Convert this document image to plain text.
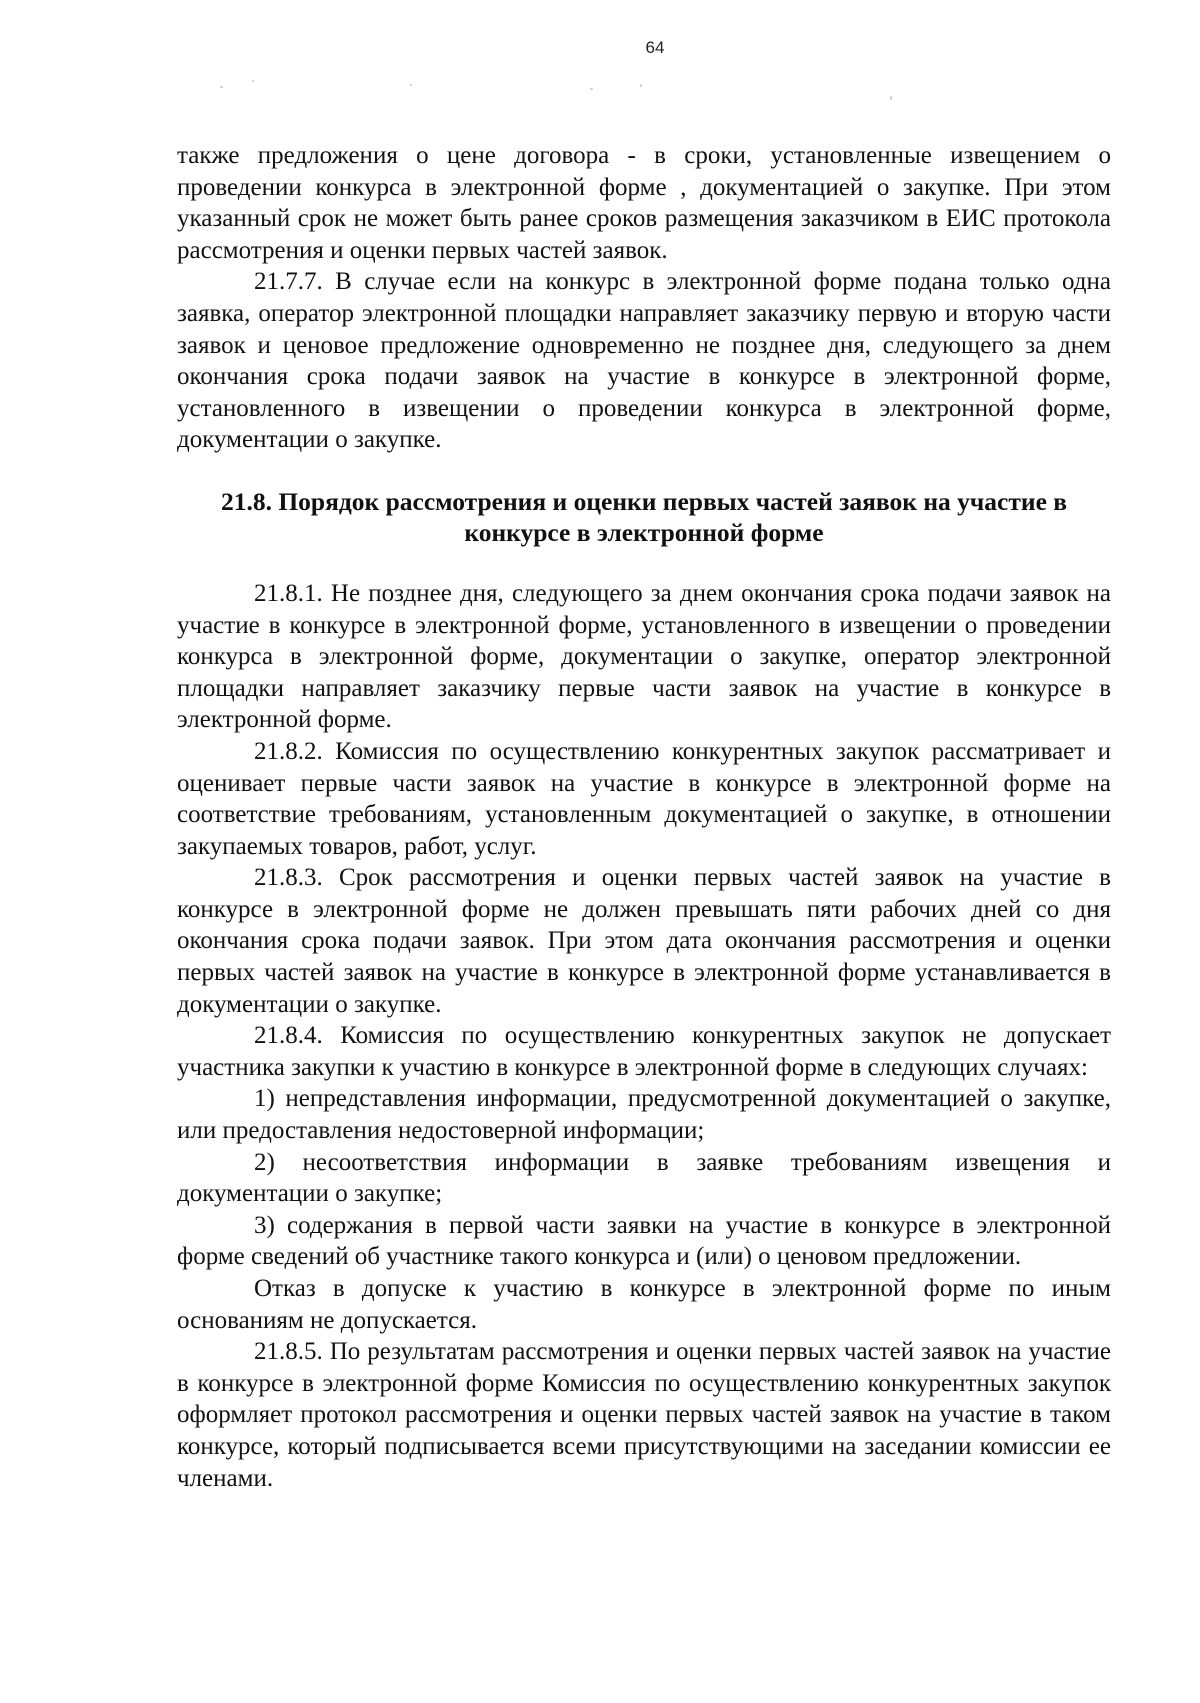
64

также предложения о цене договора - в сроки, установленные извещением о проведении конкурса в электронной форме , документацией о закупке. При этом указанный срок не может быть ранее сроков размещения заказчиком в ЕИС протокола рассмотрения и оценки первых частей заявок.

21.7.7. В случае если на конкурс в электронной форме подана только одна заявка, оператор электронной площадки направляет заказчику первую и вторую части заявок и ценовое предложение одновременно не позднее дня, следующего за днем окончания срока подачи заявок на участие в конкурсе в электронной форме, установленного в извещении о проведении конкурса в электронной форме, документации о закупке.

21.8. Порядок рассмотрения и оценки первых частей заявок на участие в конкурсе в электронной форме

21.8.1. Не позднее дня, следующего за днем окончания срока подачи заявок на участие в конкурсе в электронной форме, установленного в извещении о проведении конкурса в электронной форме, документации о закупке, оператор электронной площадки направляет заказчику первые части заявок на участие в конкурсе в электронной форме.

21.8.2. Комиссия по осуществлению конкурентных закупок рассматривает и оценивает первые части заявок на участие в конкурсе в электронной форме на соответствие требованиям, установленным документацией о закупке, в отношении закупаемых товаров, работ, услуг.

21.8.3. Срок рассмотрения и оценки первых частей заявок на участие в конкурсе в электронной форме не должен превышать пяти рабочих дней со дня окончания срока подачи заявок. При этом дата окончания рассмотрения и оценки первых частей заявок на участие в конкурсе в электронной форме устанавливается в документации о закупке.

21.8.4. Комиссия по осуществлению конкурентных закупок не допускает участника закупки к участию в конкурсе в электронной форме в следующих случаях:

1) непредставления информации, предусмотренной документацией о закупке, или предоставления недостоверной информации;

2) несоответствия информации в заявке требованиям извещения и документации о закупке;

3) содержания в первой части заявки на участие в конкурсе в электронной форме сведений об участнике такого конкурса и (или) о ценовом предложении.

Отказ в допуске к участию в конкурсе в электронной форме по иным основаниям не допускается.

21.8.5. По результатам рассмотрения и оценки первых частей заявок на участие в конкурсе в электронной форме Комиссия по осуществлению конкурентных закупок оформляет протокол рассмотрения и оценки первых частей заявок на участие в таком конкурсе, который подписывается всеми присутствующими на заседании комиссии ее членами.
